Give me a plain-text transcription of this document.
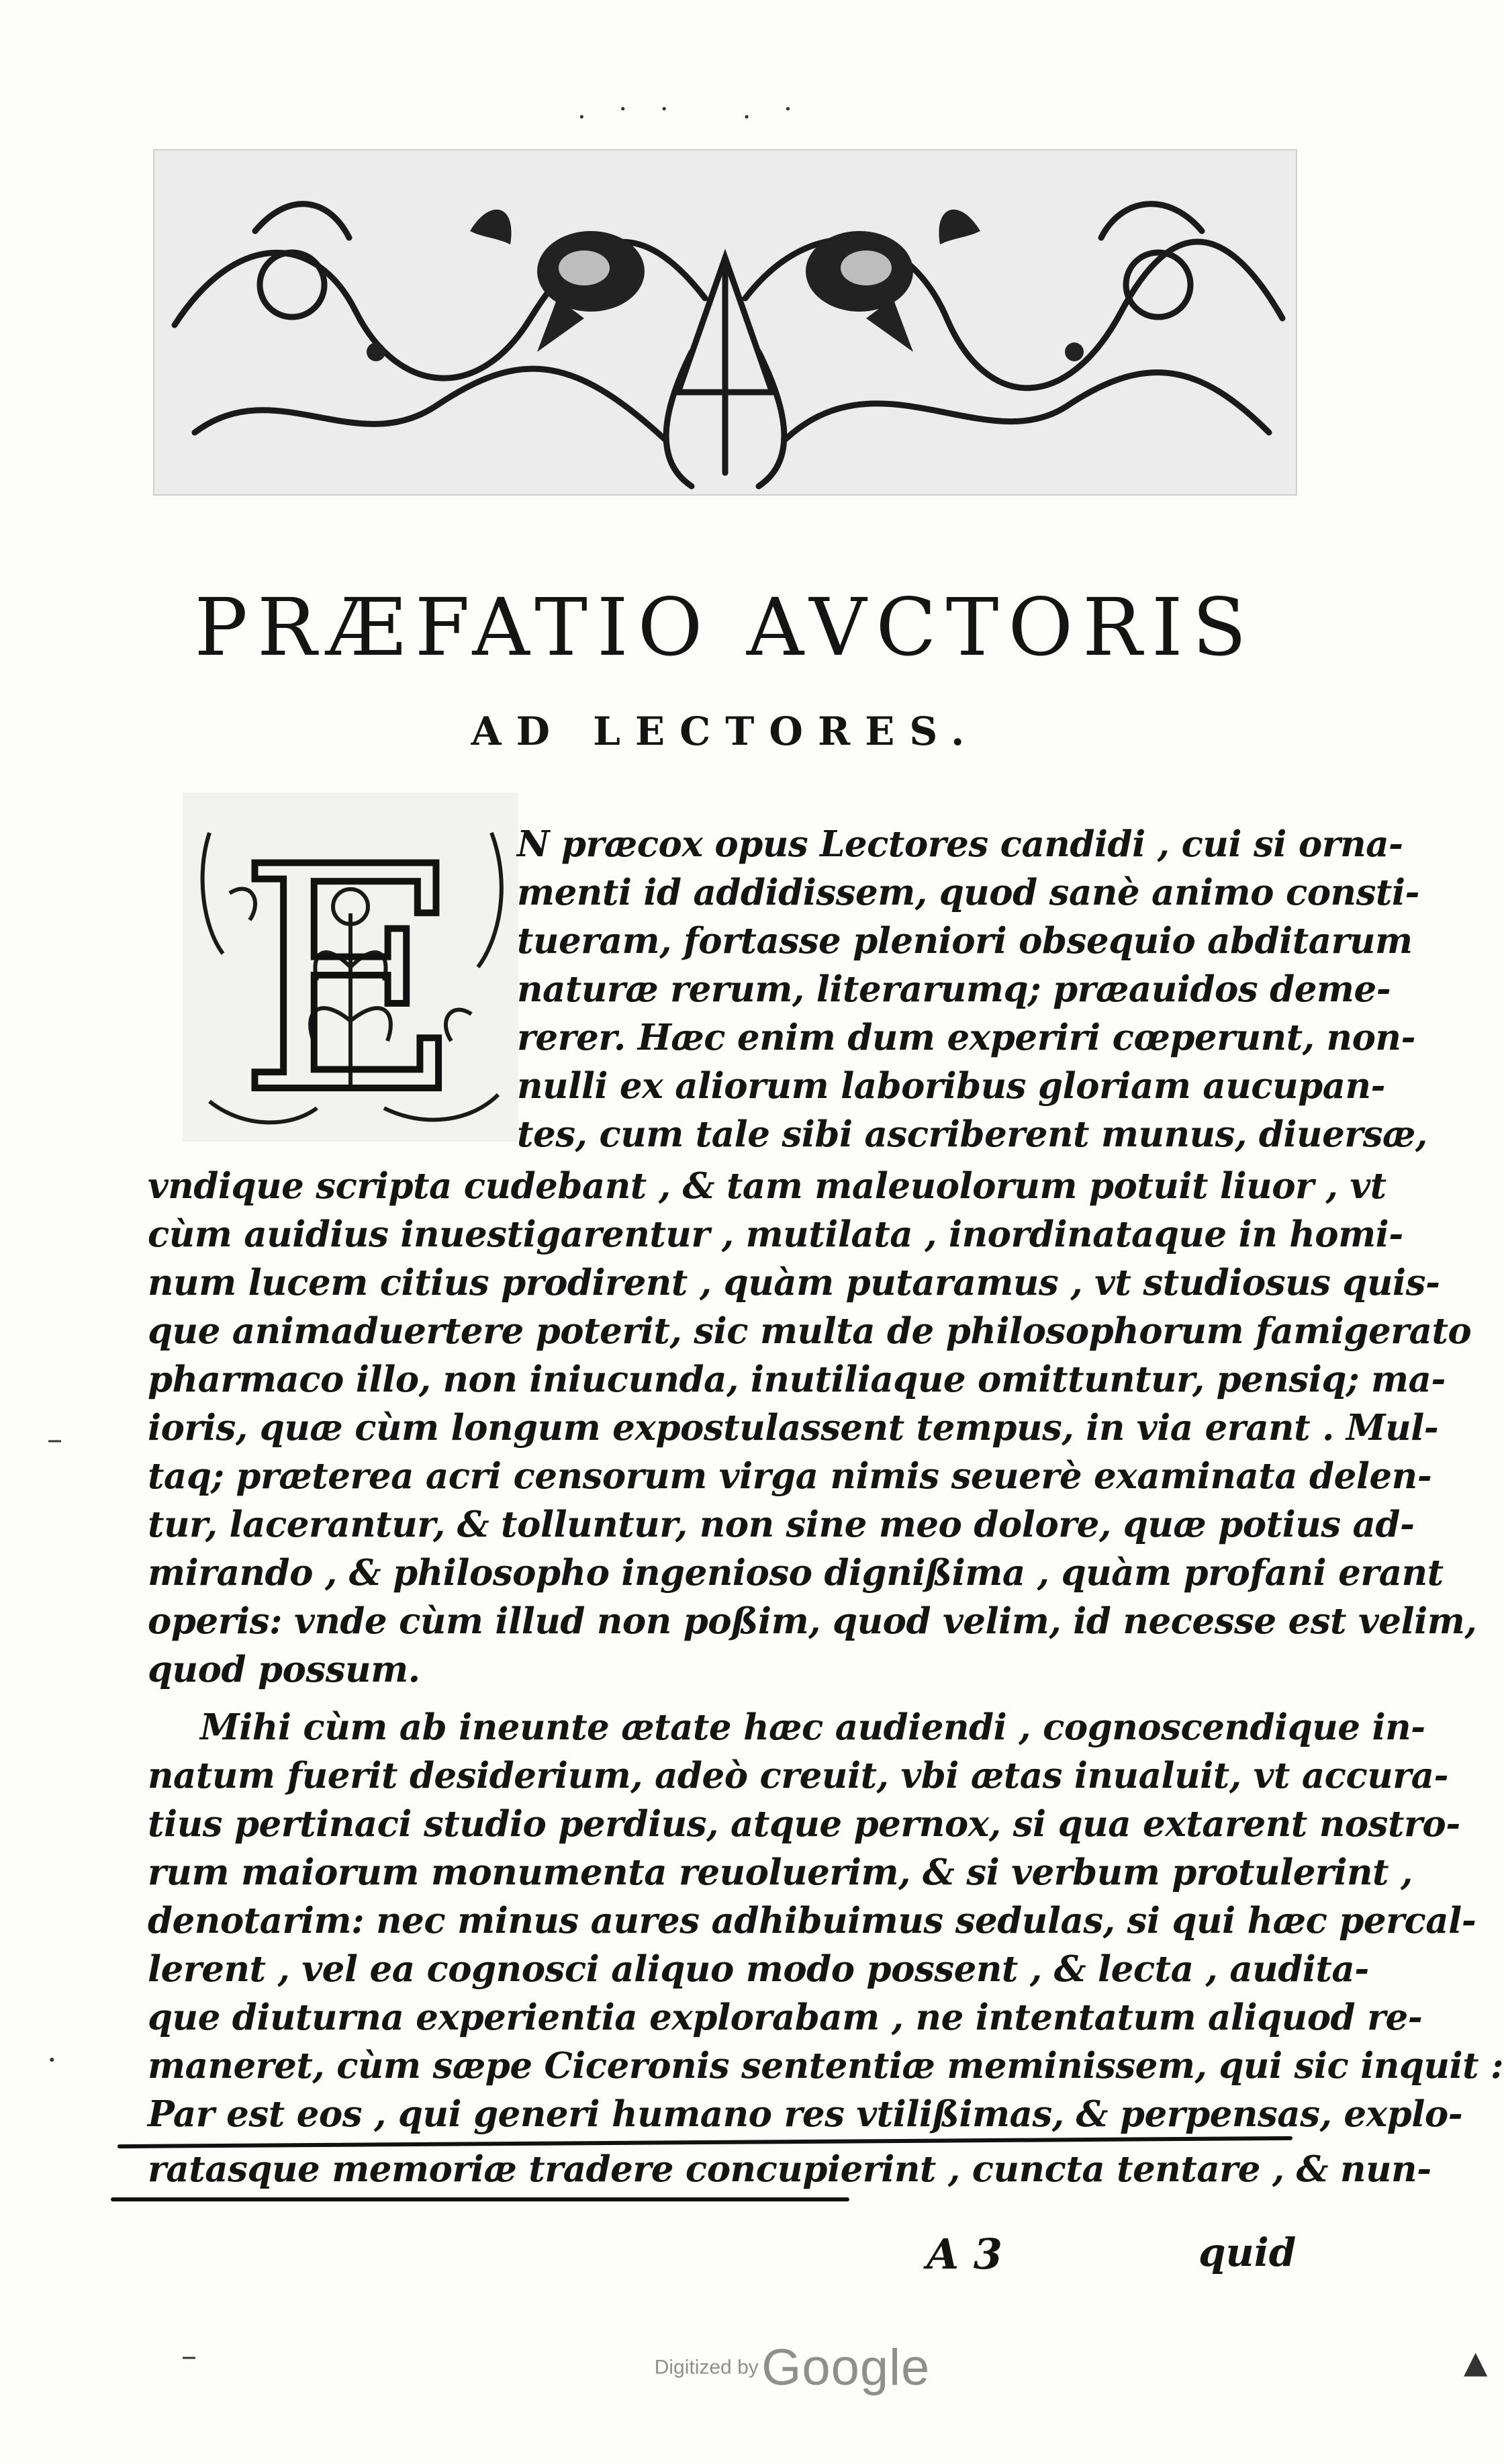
. · ·   . ·
PRÆFATIO AVCTORIS
AD LECTORES.
E N præcox opus Lectores candidi , cui si orna-
menti id addidissem, quod sanè animo consti-
tueram, fortasse pleniori obsequio abditarum
naturæ rerum, literarumq; præauidos deme-
rerer. Hæc enim dum experiri cœperunt, non-
nulli ex aliorum laboribus gloriam aucupan-
tes, cum tale sibi ascriberent munus, diuersæ,
vndique scripta cudebant , & tam maleuolorum potuit liuor , vt
cùm auidius inuestigarentur , mutilata , inordinataque in homi-
num lucem citius prodirent , quàm putaramus , vt studiosus quis-
que animaduertere poterit, sic multa de philosophorum famigerato
pharmaco illo, non iniucunda, inutiliaque omittuntur, pensiq; ma-
ioris, quæ cùm longum expostulassent tempus, in via erant . Mul-
taq; præterea acri censorum virga nimis seuerè examinata delen-
tur, lacerantur, & tolluntur, non sine meo dolore, quæ potius ad-
mirando , & philosopho ingenioso dignißima , quàm profani erant
operis: vnde cùm illud non poßim, quod velim, id necesse est velim,
quod possum.
Mihi cùm ab ineunte ætate hæc audiendi , cognoscendique in-
natum fuerit desiderium, adeò creuit, vbi ætas inualuit, vt accura-
tius pertinaci studio perdius, atque pernox, si qua extarent nostro-
rum maiorum monumenta reuoluerim, & si verbum protulerint ,
denotarim: nec minus aures adhibuimus sedulas, si qui hæc percal-
lerent , vel ea cognosci aliquo modo possent , & lecta , audita-
que diuturna experientia explorabam , ne intentatum aliquod re-
maneret, cùm sæpe Ciceronis sententiæ meminissem, qui sic inquit :
Par est eos , qui generi humano res vtilißimas, & perpensas, explo-
ratasque memoriæ tradere concupierint , cuncta tentare , & nun-
A 3	quid
–
·
–	▲
Digitized by Google
